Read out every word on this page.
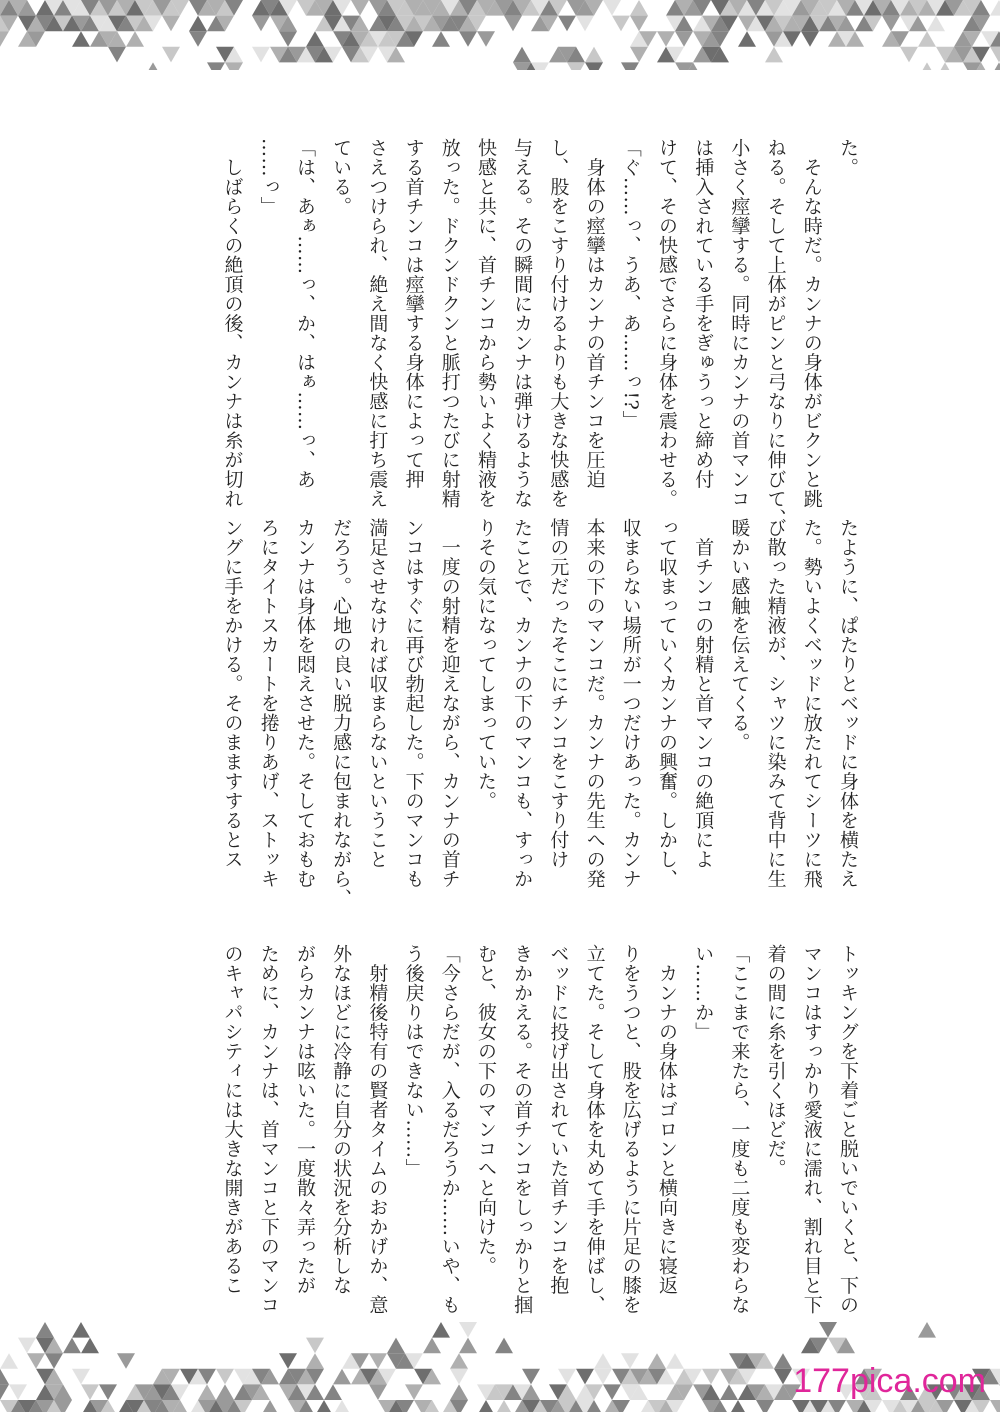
た。

　そんな時だ。カンナの身体がビクンと跳

ねる。そして上体がピンと弓なりに伸びて、

小さく痙攣する。同時にカンナの首マンコ

は挿入されている手をぎゅうっと締め付

けて、その快感でさらに身体を震わせる。

「ぐ……っ、うあ、あ……っ!?」

　身体の痙攣はカンナの首チンコを圧迫

し、股をこすり付けるよりも大きな快感を

与える。その瞬間にカンナは弾けるような

快感と共に、首チンコから勢いよく精液を

放った。ドクンドクンと脈打つたびに射精

する首チンコは痙攣する身体によって押

さえつけられ、絶え間なく快感に打ち震え

ている。

「は、あぁ……っ、か、はぁ……っ、あ

……っ」

　しばらくの絶頂の後、カンナは糸が切れ

たように、ぱたりとベッドに身体を横たえ

た。勢いよくベッドに放たれてシーツに飛

び散った精液が、シャツに染みて背中に生

暖かい感触を伝えてくる。

　首チンコの射精と首マンコの絶頂によ

って収まっていくカンナの興奮。しかし、

収まらない場所が一つだけあった。カンナ

本来の下のマンコだ。カンナの先生への発

情の元だったそこにチンコをこすり付け

たことで、カンナの下のマンコも、すっか

りその気になってしまっていた。

　一度の射精を迎えながら、カンナの首チ

ンコはすぐに再び勃起した。下のマンコも

満足させなければ収まらないということ

だろう。心地の良い脱力感に包まれながら、

カンナは身体を悶えさせた。そしておもむ

ろにタイトスカートを捲りあげ、ストッキ

ングに手をかける。そのまますするとス

トッキングを下着ごと脱いでいくと、下の

マンコはすっかり愛液に濡れ、割れ目と下

着の間に糸を引くほどだ。

「ここまで来たら、一度も二度も変わらな

い……か」

　カンナの身体はゴロンと横向きに寝返

りをうつと、股を広げるように片足の膝を

立てた。そして身体を丸めて手を伸ばし、

ベッドに投げ出されていた首チンコを抱

きかかえる。その首チンコをしっかりと掴

むと、彼女の下のマンコへと向けた。

「今さらだが、入るだろうか……いや、も

う後戻りはできない……」

　射精後特有の賢者タイムのおかげか、意

外なほどに冷静に自分の状況を分析しな

がらカンナは呟いた。一度散々弄ったが

ために、カンナは、首マンコと下のマンコ

のキャパシティには大きな開きがあるこ

177pica.com
